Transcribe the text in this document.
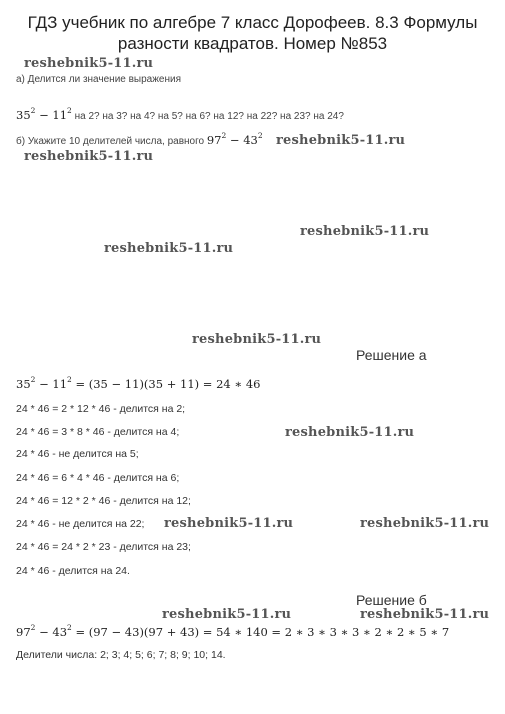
ГДЗ учебник по алгебре 7 класс Дорофеев. 8.3 Формулы разности квадратов. Номер №853
reshebnik5-11.ru
reshebnik5-11.ru
reshebnik5-11.ru
reshebnik5-11.ru
reshebnik5-11.ru
reshebnik5-11.ru
reshebnik5-11.ru
reshebnik5-11.ru	reshebnik5-11.ru
reshebnik5-11.ru	reshebnik5-11.ru
а) Делится ли значение выражения
$35^2 - 11^2$ на 2? на 3? на 4? на 5? на 6? на 12? на 22? на 23? на 24?
б) Укажите 10 делителей числа, равного $97^2 - 43^2$
Решение а
$35^2 - 11^2 = (35 - 11)(35 + 11) = 24$ ∗ 46
24 * 46 = 2 * 12 * 46 - делится на 2;
24 * 46 = 3 * 8 * 46 - делится на 4;
24 * 46 - не делится на 5;
24 * 46 = 6 * 4 * 46 - делится на 6;
24 * 46 = 12 * 2 * 46 - делится на 12;
24 * 46 - не делится на 22;
24 * 46 = 24 * 2 * 23 - делится на 23;
24 * 46 - делится на 24.
Решение б
$97^2 - 43^2 = (97 - 43)(97 + 43) = 54$ ∗ 140 = 2 ∗ 3 ∗ 3 ∗ 3 ∗ 2 ∗ 2 ∗ 5 ∗ 7
Делители числа: 2; 3; 4; 5; 6; 7; 8; 9; 10; 14.
